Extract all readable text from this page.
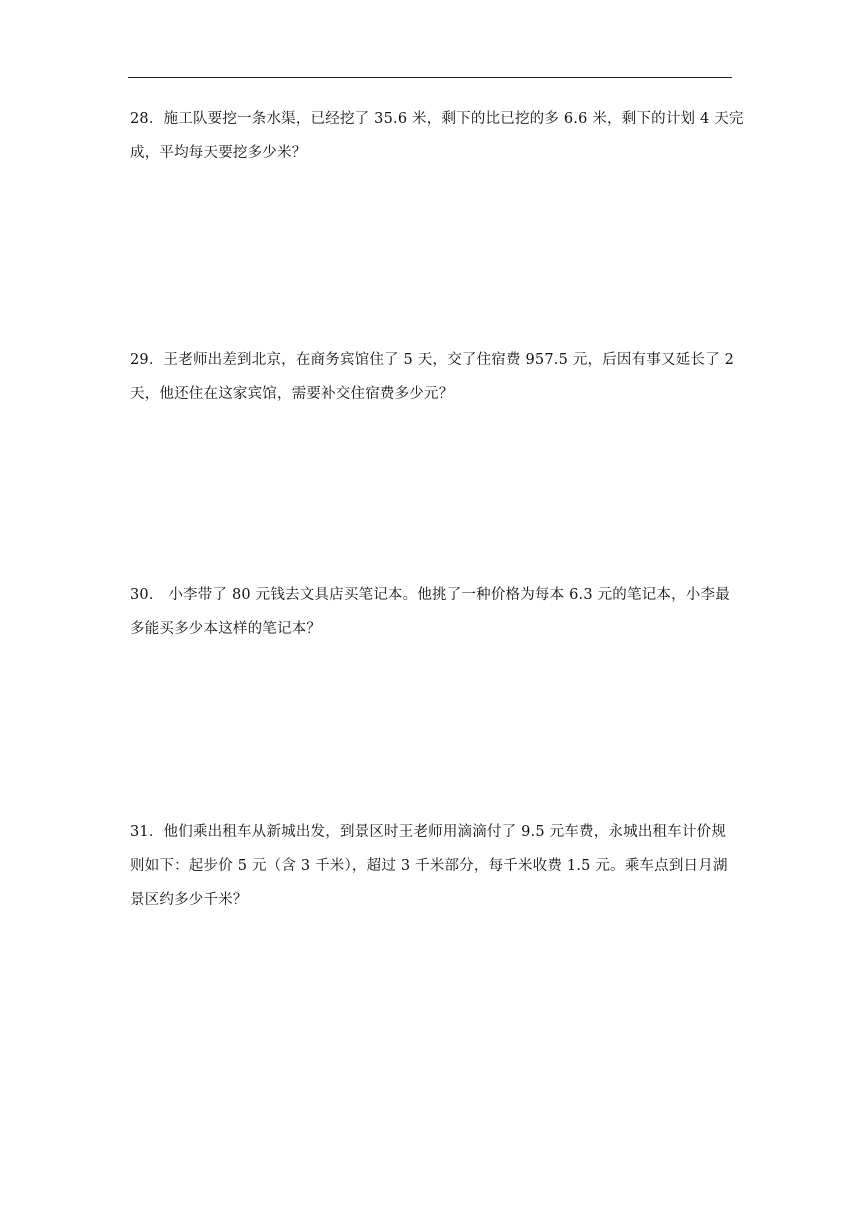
28．施工队要挖一条水渠，已经挖了 35.6 米，剩下的比已挖的多 6.6 米，剩下的计划 4 天完
成，平均每天要挖多少米？
29．王老师出差到北京，在商务宾馆住了 5 天，交了住宿费 957.5 元，后因有事又延长了 2
天，他还住在这家宾馆，需要补交住宿费多少元？
30． 小李带了 80 元钱去文具店买笔记本。他挑了一种价格为每本 6.3 元的笔记本，小李最
多能买多少本这样的笔记本？
31．他们乘出租车从新城出发，到景区时王老师用滴滴付了 9.5 元车费，永城出租车计价规
则如下：起步价 5 元（含 3 千米），超过 3 千米部分，每千米收费 1.5 元。乘车点到日月湖
景区约多少千米？
